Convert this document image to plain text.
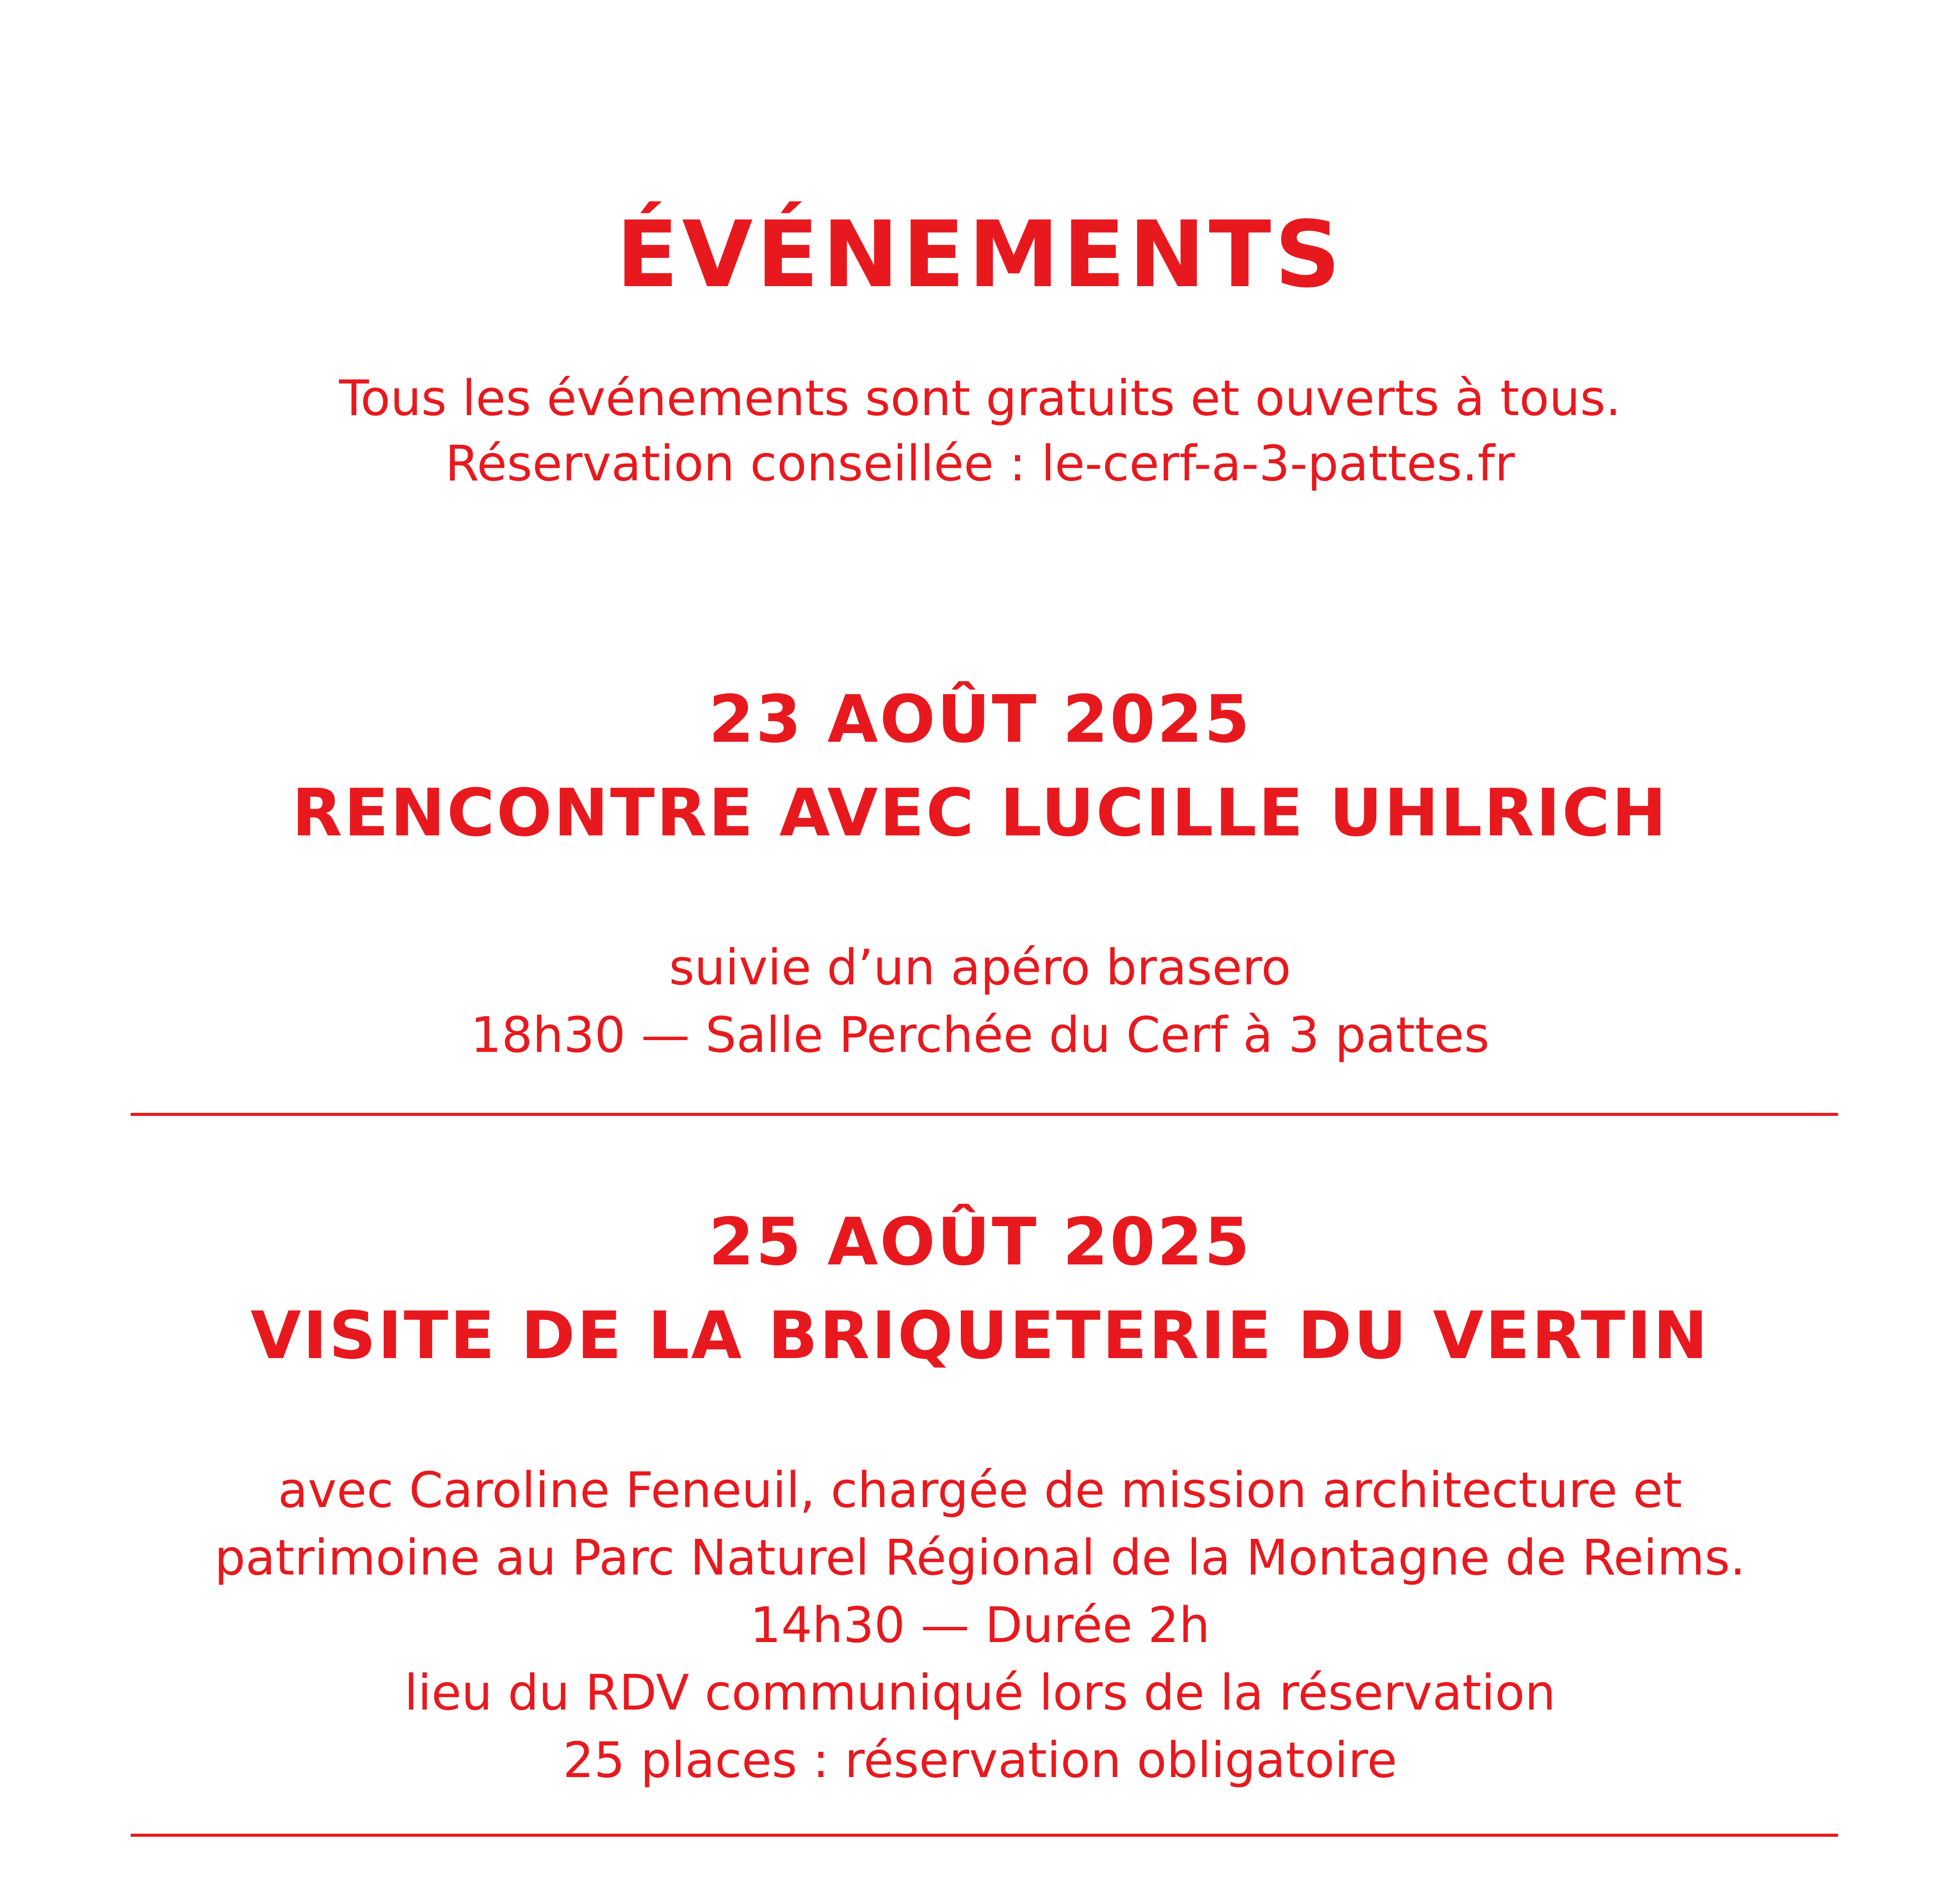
ÉVÉNEMENTS
Tous les événements sont gratuits et ouverts à tous.
Réservation conseillée : le-cerf-a-3-pattes.fr
23 AOÛT 2025
RENCONTRE AVEC LUCILLE UHLRICH
suivie d’un apéro brasero
18h30 — Salle Perchée du Cerf à 3 pattes
25 AOÛT 2025
VISITE DE LA BRIQUETERIE DU VERTIN
avec Caroline Feneuil, chargée de mission architecture et
patrimoine au Parc Naturel Régional de la Montagne de Reims.
14h30 — Durée 2h
lieu du RDV communiqué lors de la réservation
25 places : réservation obligatoire
